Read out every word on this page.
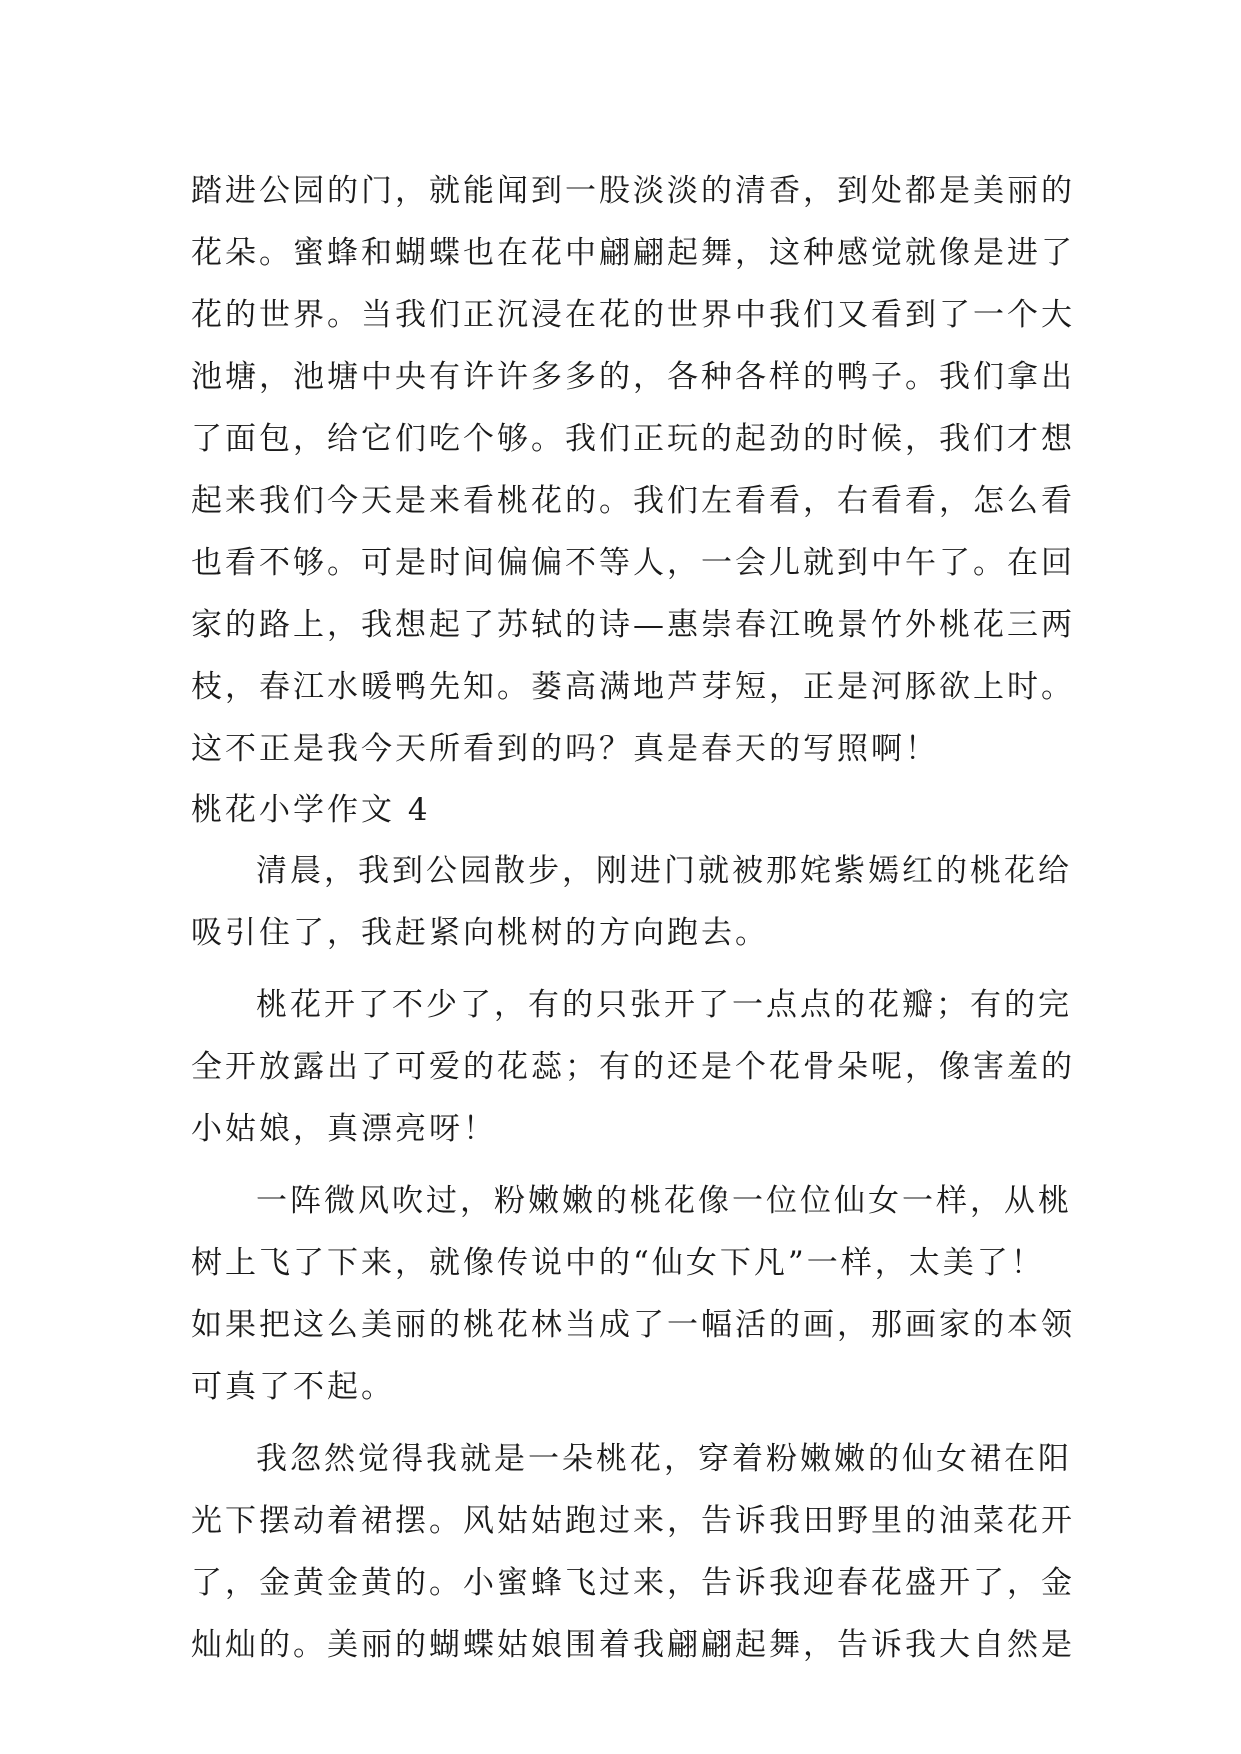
踏进公园的门，就能闻到一股淡淡的清香，到处都是美丽的
花朵。蜜蜂和蝴蝶也在花中翩翩起舞，这种感觉就像是进了
花的世界。当我们正沉浸在花的世界中我们又看到了一个大
池塘，池塘中央有许许多多的，各种各样的鸭子。我们拿出
了面包，给它们吃个够。我们正玩的起劲的时候，我们才想
起来我们今天是来看桃花的。我们左看看，右看看，怎么看
也看不够。可是时间偏偏不等人，一会儿就到中午了。在回
家的路上，我想起了苏轼的诗—惠崇春江晚景竹外桃花三两
枝，春江水暖鸭先知。蒌高满地芦芽短，正是河豚欲上时。
这不正是我今天所看到的吗？真是春天的写照啊！
桃花小学作文 4
清晨，我到公园散步，刚进门就被那姹紫嫣红的桃花给
吸引住了，我赶紧向桃树的方向跑去。
桃花开了不少了，有的只张开了一点点的花瓣；有的完
全开放露出了可爱的花蕊；有的还是个花骨朵呢，像害羞的
小姑娘，真漂亮呀！
一阵微风吹过，粉嫩嫩的桃花像一位位仙女一样，从桃
树上飞了下来，就像传说中的“仙女下凡”一样，太美了！
如果把这么美丽的桃花林当成了一幅活的画，那画家的本领
可真了不起。
我忽然觉得我就是一朵桃花，穿着粉嫩嫩的仙女裙在阳
光下摆动着裙摆。风姑姑跑过来，告诉我田野里的油菜花开
了，金黄金黄的。小蜜蜂飞过来，告诉我迎春花盛开了，金
灿灿的。美丽的蝴蝶姑娘围着我翩翩起舞，告诉我大自然是
